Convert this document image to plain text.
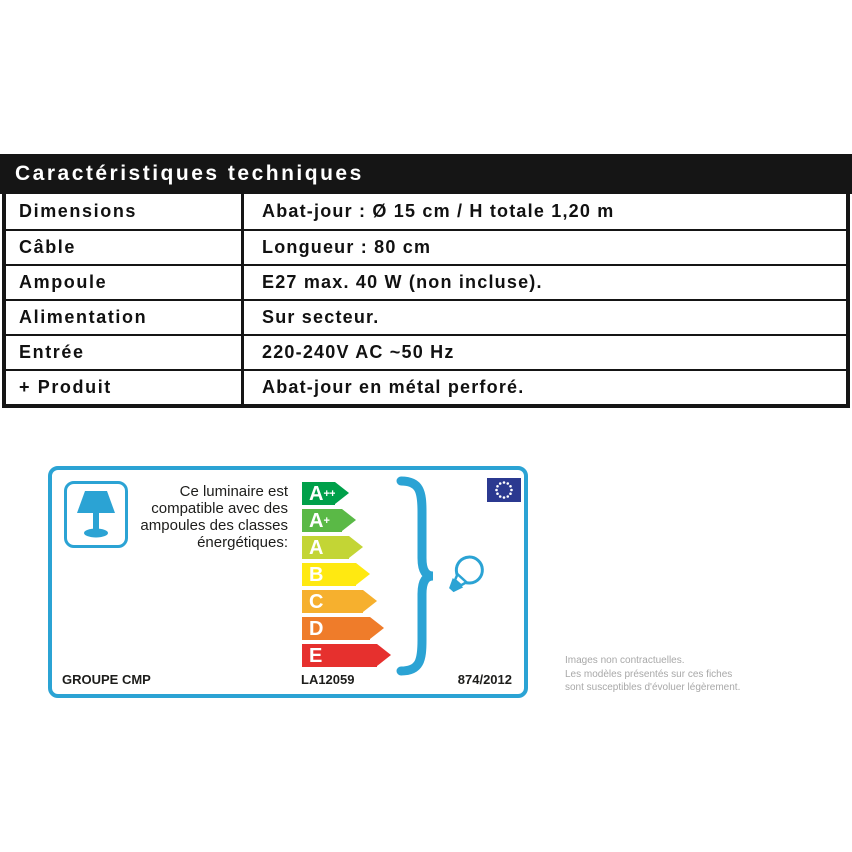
Caractéristiques techniques
Dimensions	Abat-jour : Ø 15 cm / H totale 1,20 m
Câble	Longueur : 80 cm
Ampoule	E27 max. 40 W (non incluse).
Alimentation	Sur secteur.
Entrée	220-240V AC ~50 Hz
+ Produit	Abat-jour en métal perforé.
Ce luminaire est compatible avec des ampoules des classes énergétiques:
A ++
A +
A
B
C
D
E
GROUPE CMP	LA12059	874/2012
Images non contractuelles.
Les modèles présentés sur ces fiches
sont susceptibles d'évoluer légèrement.
